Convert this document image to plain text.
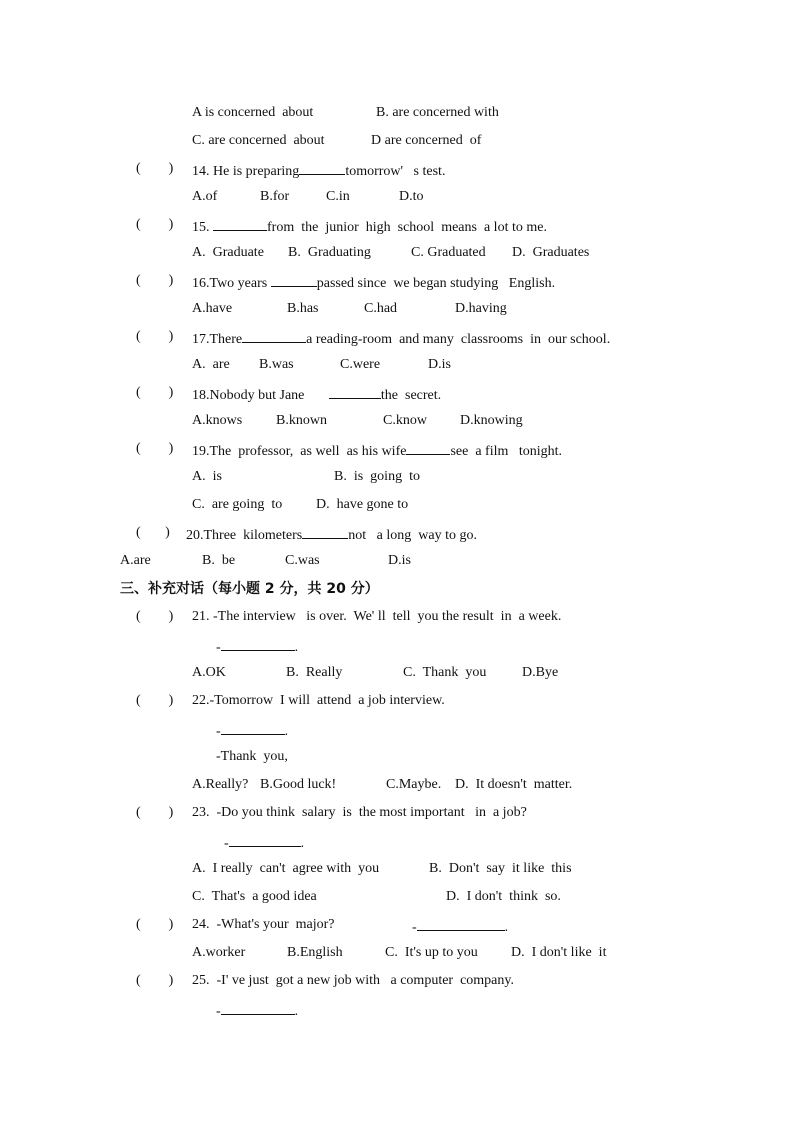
A is concerned  about	B. are concerned with
C. are concerned  about	D are concerned  of
(        ) 14. He is preparing	tomorrow'   s test.
A.of	B.for	C.in	D.to
(        ) 15.	from  the  junior  high  school  means  a lot to me.
A.  Graduate B.  Graduating	C. Graduated D.  Graduates
(        ) 16.Two years	passed since  we began studying   English.
A.have	B.has	C.had	D.having
(        ) 17.There	a reading-room  and many  classrooms  in  our school.
A.  are B.was	C.were	D.is
(        ) 18.Nobody but Jane	the  secret.
A.knows B.known	C.know D.knowing
(        ) 19.The  professor,  as well  as his wife	see  a film   tonight.
A.  is	B.  is  going  to
C.  are going  to D.  have gone to
(       ) 20.Three  kilometers	not   a long  way to go.
A.are	B.  be	C.was	D.is
三、补充对话（每小题 2 分，共 20 分）
(        ) 21. -The interview   is over.  We' ll  tell  you the result  in  a week.
-	.
A.OK	B.  Really	C.  Thank  you	D.Bye
(        ) 22.-Tomorrow  I will  attend  a job interview.
-	.
-Thank  you,
A.Really? B.Good luck!	C.Maybe. D.  It doesn't  matter.
(        ) 23.  -Do you think  salary  is  the most important   in  a job?
-	.
A.  I really  can't  agree with  you	B.  Don't  say  it like  this
C.  That's  a good idea	D.  I don't  think  so.
(        ) 24.  -What's your  major?	-	.
A.worker	B.English	C.  It's up to you D.  I don't like  it
(        ) 25.  -I' ve just  got a new job with   a computer  company.
-	.
